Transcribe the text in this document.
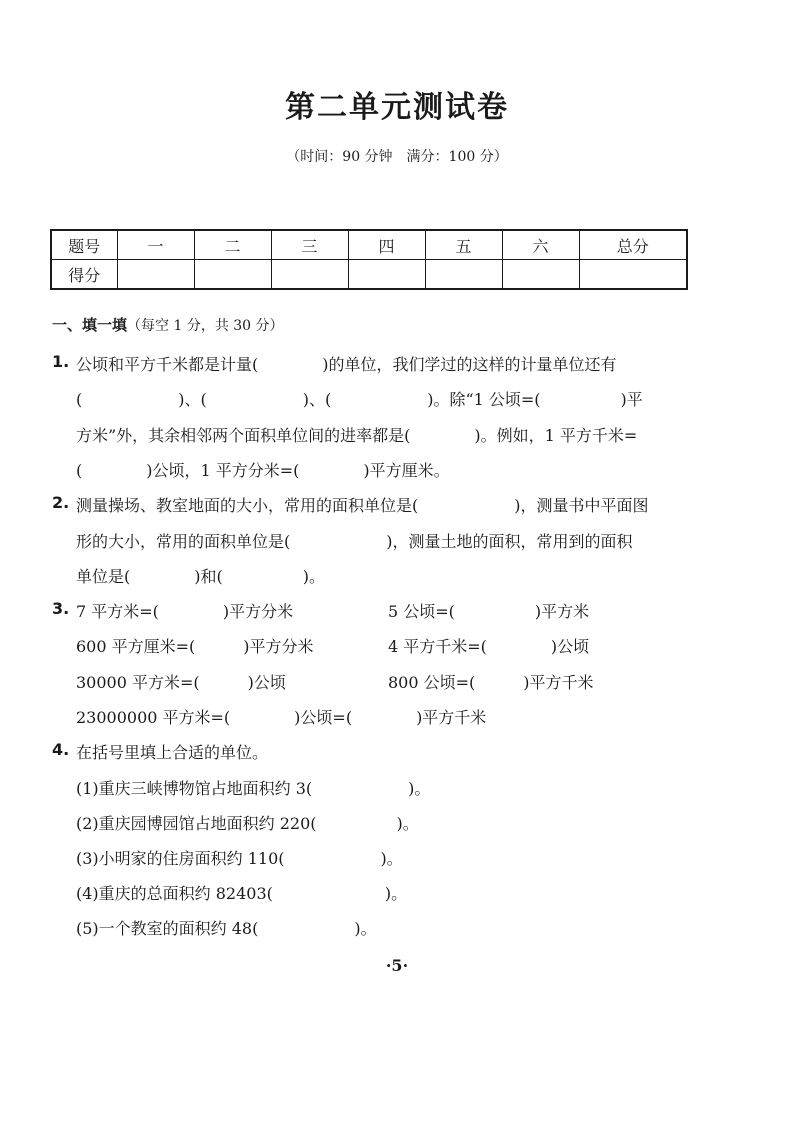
第二单元测试卷
（时间：90 分钟　满分：100 分）
题号	一	二	三	四	五	六	总分
得分							
一、填一填（每空 1 分，共 30 分）
1. 公顷和平方千米都是计量(　　　　)的单位，我们学过的这样的计量单位还有
(　　　　　　)、(　　　　　　)、(　　　　　　)。除“1 公顷=(　　　　　)平
方米”外，其余相邻两个面积单位间的进率都是(　　　　)。例如，1 平方千米=
(　　　　)公顷，1 平方分米=(　　　　)平方厘米。
2. 测量操场、教室地面的大小，常用的面积单位是(　　　　　　)，测量书中平面图
形的大小，常用的面积单位是(　　　　　　)，测量土地的面积，常用到的面积
单位是(　　　　)和(　　　　　)。
3. 7 平方米=(　　　　)平方分米	5 公顷=(　　　　　)平方米
600 平方厘米=(　　　)平方分米	4 平方千米=(　　　　)公顷
30000 平方米=(　　　)公顷	800 公顷=(　　　)平方千米
23000000 平方米=(　　　　)公顷=(　　　　)平方千米
4. 在括号里填上合适的单位。
(1)重庆三峡博物馆占地面积约 3(　　　　　　)。
(2)重庆园博园馆占地面积约 220(　　　　　)。
(3)小明家的住房面积约 110(　　　　　　)。
(4)重庆的总面积约 82403(　　　　　　　)。
(5)一个教室的面积约 48(　　　　　　)。
·5·
